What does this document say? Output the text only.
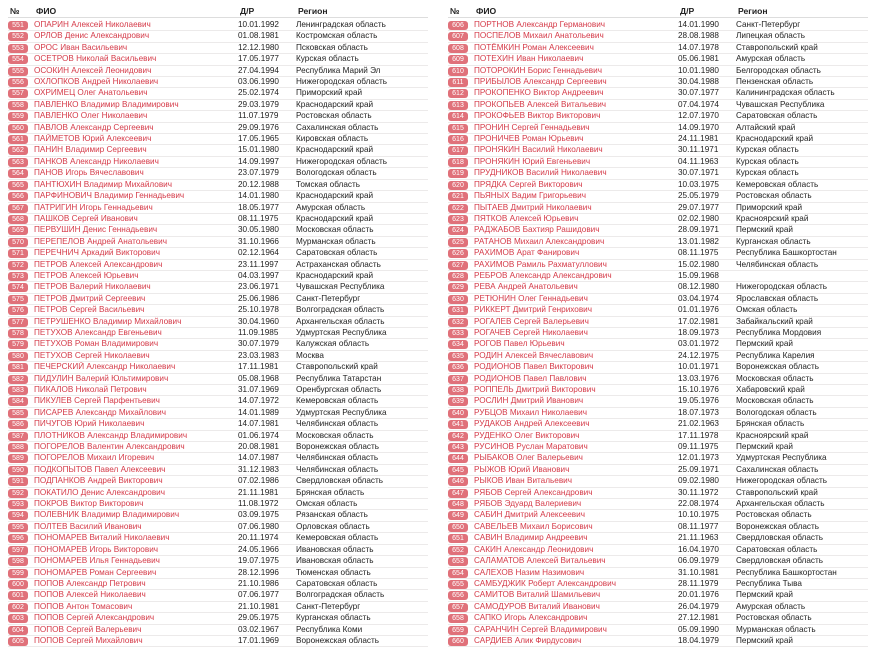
№	ФИО	Д/Р	Регион
551	ОПАРИН Алексей Николаевич	10.01.1992	Ленинградская область
552	ОРЛОВ Денис Александрович	01.08.1981	Костромская область
553	ОРОС Иван Васильевич	12.12.1980	Псковская область
554	ОСЕТРОВ Николай Васильевич	17.05.1977	Курская область
555	ОСОКИН Алексей Леонидович	27.04.1994	Республика Марий Эл
556	ОХЛОПКОВ Андрей Николаевич	03.06.1990	Нижегородская область
557	ОХРИМЕЦ Олег Анатольевич	25.02.1974	Приморский край
558	ПАВЛЕНКО Владимир Владимирович	29.03.1979	Краснодарский край
559	ПАВЛЕНКО Олег Николаевич	11.07.1979	Ростовская область
560	ПАВЛОВ Александр Сергеевич	29.09.1976	Сахалинская область
561	ПАЙМЕТОВ Юрий Алексеевич	17.05.1965	Кировская область
562	ПАНИН Владимир Сергеевич	15.01.1980	Краснодарский край
563	ПАНКОВ Александр Николаевич	14.09.1997	Нижегородская область
564	ПАНОВ Игорь Вячеславович	23.07.1979	Вологодская область
565	ПАНТЮХИН Владимир Михайлович	20.12.1988	Томская область
566	ПАРФИНОВИЧ Владимир Геннадьевич	14.01.1980	Краснодарский край
567	ПАТРИГИН Игорь Геннадьевич	18.05.1977	Амурская область
568	ПАШКОВ Сергей Иванович	08.11.1975	Краснодарский край
569	ПЕРВУШИН Денис Геннадьевич	30.05.1980	Московская область
570	ПЕРЕПЕЛОВ Андрей Анатольевич	31.10.1966	Мурманская область
571	ПЕРЕЧНИЧ Аркадий Викторович	02.12.1964	Саратовская область
572	ПЕТРОВ Алексей Александрович	23.11.1997	Астраханская область
573	ПЕТРОВ Алексей Юрьевич	04.03.1997	Краснодарский край
574	ПЕТРОВ Валерий Николаевич	23.06.1971	Чувашская Республика
575	ПЕТРОВ Дмитрий Сергеевич	25.06.1986	Санкт-Петербург
576	ПЕТРОВ Сергей Васильевич	25.10.1978	Волгоградская область
577	ПЕТРУШЕНКО Владимир Михайлович	30.04.1960	Архангельская область
578	ПЕТУХОВ Александр Евгеньевич	11.09.1985	Удмуртская Республика
579	ПЕТУХОВ Роман Владимирович	30.07.1979	Калужская область
580	ПЕТУХОВ Сергей Николаевич	23.03.1983	Москва
581	ПЕЧЕРСКИЙ Александр Николаевич	17.11.1981	Ставропольский край
582	ПИДУЛИН Валерий Юльтимирович	05.08.1968	Республика Татарстан
583	ПИКАЛОВ Николай Петрович	31.07.1969	Оренбургская область
584	ПИКУЛЕВ Сергей Парфентьевич	14.07.1972	Кемеровская область
585	ПИСАРЕВ Александр Михайлович	14.01.1989	Удмуртская Республика
586	ПИЧУГОВ Юрий Николаевич	14.07.1981	Челябинская область
587	ПЛОТНИКОВ Александр Владимирович	01.06.1974	Московская область
588	ПОГОРЕЛОВ Валентин Александрович	20.08.1981	Воронежская область
589	ПОГОРЕЛОВ Михаил Игоревич	14.07.1987	Челябинская область
590	ПОДКОПЫТОВ Павел Алексеевич	31.12.1983	Челябинская область
591	ПОДПАНКОВ Андрей Викторович	07.02.1986	Свердловская область
592	ПОКАТИЛО Денис Александрович	21.11.1981	Брянская область
593	ПОКРОВ Виктор Викторович	11.08.1972	Омская область
594	ПОЛЕВНИК Владимир Владимирович	03.09.1975	Рязанская область
595	ПОЛТЕВ Василий Иванович	07.06.1980	Орловская область
596	ПОНОМАРЕВ Виталий Николаевич	20.11.1974	Кемеровская область
597	ПОНОМАРЕВ Игорь Викторович	24.05.1966	Ивановская область
598	ПОНОМАРЕВ Илья Геннадьевич	19.07.1975	Ивановская область
599	ПОНОМАРЕВ Роман Сергеевич	28.12.1996	Тюменская область
600	ПОПОВ Александр Петрович	21.10.1986	Саратовская область
601	ПОПОВ Алексей Николаевич	07.06.1977	Волгоградская область
602	ПОПОВ Антон Томасович	21.10.1981	Санкт-Петербург
603	ПОПОВ Сергей Александрович	29.05.1975	Курганская область
604	ПОПОВ Сергей Валерьевич	03.02.1967	Республика Коми
605	ПОПОВ Сергей Михайлович	17.01.1969	Воронежская область
№	ФИО	Д/Р	Регион
606	ПОРТНОВ Александр Германович	14.01.1990	Санкт-Петербург
607	ПОСПЕЛОВ Михаил Анатольевич	28.08.1988	Липецкая область
608	ПОТЁМКИН Роман Алексеевич	14.07.1978	Ставропольский край
609	ПОТЕХИН Иван Николаевич	05.06.1981	Амурская область
610	ПОТОРОКИН Борис Геннадьевич	10.01.1980	Белгородская область
611	ПРИБЫЛОВ Александр Сергеевич	30.04.1988	Пензенская область
612	ПРОКОПЕНКО Виктор Андреевич	30.07.1977	Калининградская область
613	ПРОКОПЬЕВ Алексей Витальевич	07.04.1974	Чувашская Республика
614	ПРОКОФЬЕВ Виктор Викторович	12.07.1970	Саратовская область
615	ПРОНИН Сергей Геннадьевич	14.09.1970	Алтайский край
616	ПРОНИЧЕВ Роман Юрьевич	24.11.1981	Краснодарский край
617	ПРОНЯКИН Василий Николаевич	30.11.1971	Курская область
618	ПРОНЯКИН Юрий Евгеньевич	04.11.1963	Курская область
619	ПРУДНИКОВ Василий Николаевич	30.07.1971	Курская область
620	ПРЯДКА Сергей Викторович	10.03.1975	Кемеровская область
621	ПЬЯНЫХ Вадим Григорьевич	25.05.1979	Ростовская область
622	ПЫТАЕВ Дмитрий Николаевич	29.07.1977	Приморский край
623	ПЯТКОВ Алексей Юрьевич	02.02.1980	Красноярский край
624	РАДЖАБОВ Бахтияр Рашидович	28.09.1971	Пермский край
625	РАТАНОВ Михаил Александрович	13.01.1982	Курганская область
626	РАХИМОВ Арат Фанирович	08.11.1975	Республика Башкортостан
627	РАХИМОВ Рамиль Рахматуллович	15.02.1980	Челябинская область
628	РЕБРОВ Александр Александрович	15.09.1968
629	РЕВА Андрей Анатольевич	08.12.1980	Нижегородская область
630	РЕТЮНИН Олег Геннадьевич	03.04.1974	Ярославская область
631	РИККЕРТ Дмитрий Генрихович	01.01.1976	Омская область
632	РОГАЛЕВ Сергей Валерьевич	17.02.1981	Забайкальский край
633	РОГАЧЕВ Сергей Николаевич	18.09.1973	Республика Мордовия
634	РОГОВ Павел Юрьевич	03.01.1972	Пермский край
635	РОДИН Алексей Вячеславович	24.12.1975	Республика Карелия
636	РОДИОНОВ Павел Викторович	10.01.1971	Воронежская область
637	РОДИОНОВ Павел Павлович	13.03.1976	Московская область
638	РОППЕЛЬ Дмитрий Викторович	15.10.1976	Хабаровский край
639	РОСЛИН Дмитрий Иванович	19.05.1976	Московская область
640	РУБЦОВ Михаил Николаевич	18.07.1973	Вологодская область
641	РУДАКОВ Андрей Алексеевич	21.02.1963	Брянская область
642	РУДЕНКО Олег Викторович	17.11.1978	Красноярский край
643	РУСИНОВ Руслан Маратович	09.11.1975	Пермский край
644	РЫБАКОВ Олег Валерьевич	12.01.1973	Удмуртская Республика
645	РЫЖОВ Юрий Иванович	25.09.1971	Сахалинская область
646	РЫКОВ Иван Витальевич	09.02.1980	Нижегородская область
647	РЯБОВ Сергей Александрович	30.11.1972	Ставропольский край
648	РЯБОВ Эдуард Валериевич	22.08.1974	Архангельская область
649	САБИН Дмитрий Алексеевич	10.10.1975	Ростовская область
650	САВЕЛЬЕВ Михаил Борисович	08.11.1977	Воронежская область
651	САВИН Владимир Андреевич	21.11.1963	Свердловская область
652	САКИН Александр Леонидович	16.04.1970	Саратовская область
653	САЛАМАТОВ Алексей Витальевич	06.09.1979	Свердловская область
654	САЛЕХОВ Назим Назимович	31.10.1981	Республика Башкортостан
655	САМБУДЖИК Роберт Александрович	28.11.1979	Республика Тыва
656	САМИТОВ Виталий Шамильевич	20.01.1976	Пермский край
657	САМОДУРОВ Виталий Иванович	26.04.1979	Амурская область
658	САПКО Игорь Александрович	27.12.1981	Ростовская область
659	САРАНЧИН Сергей Владимирович	05.09.1990	Мурманская область
660	САРДИЕВ Алик Фирдусович	18.04.1979	Пермский край
